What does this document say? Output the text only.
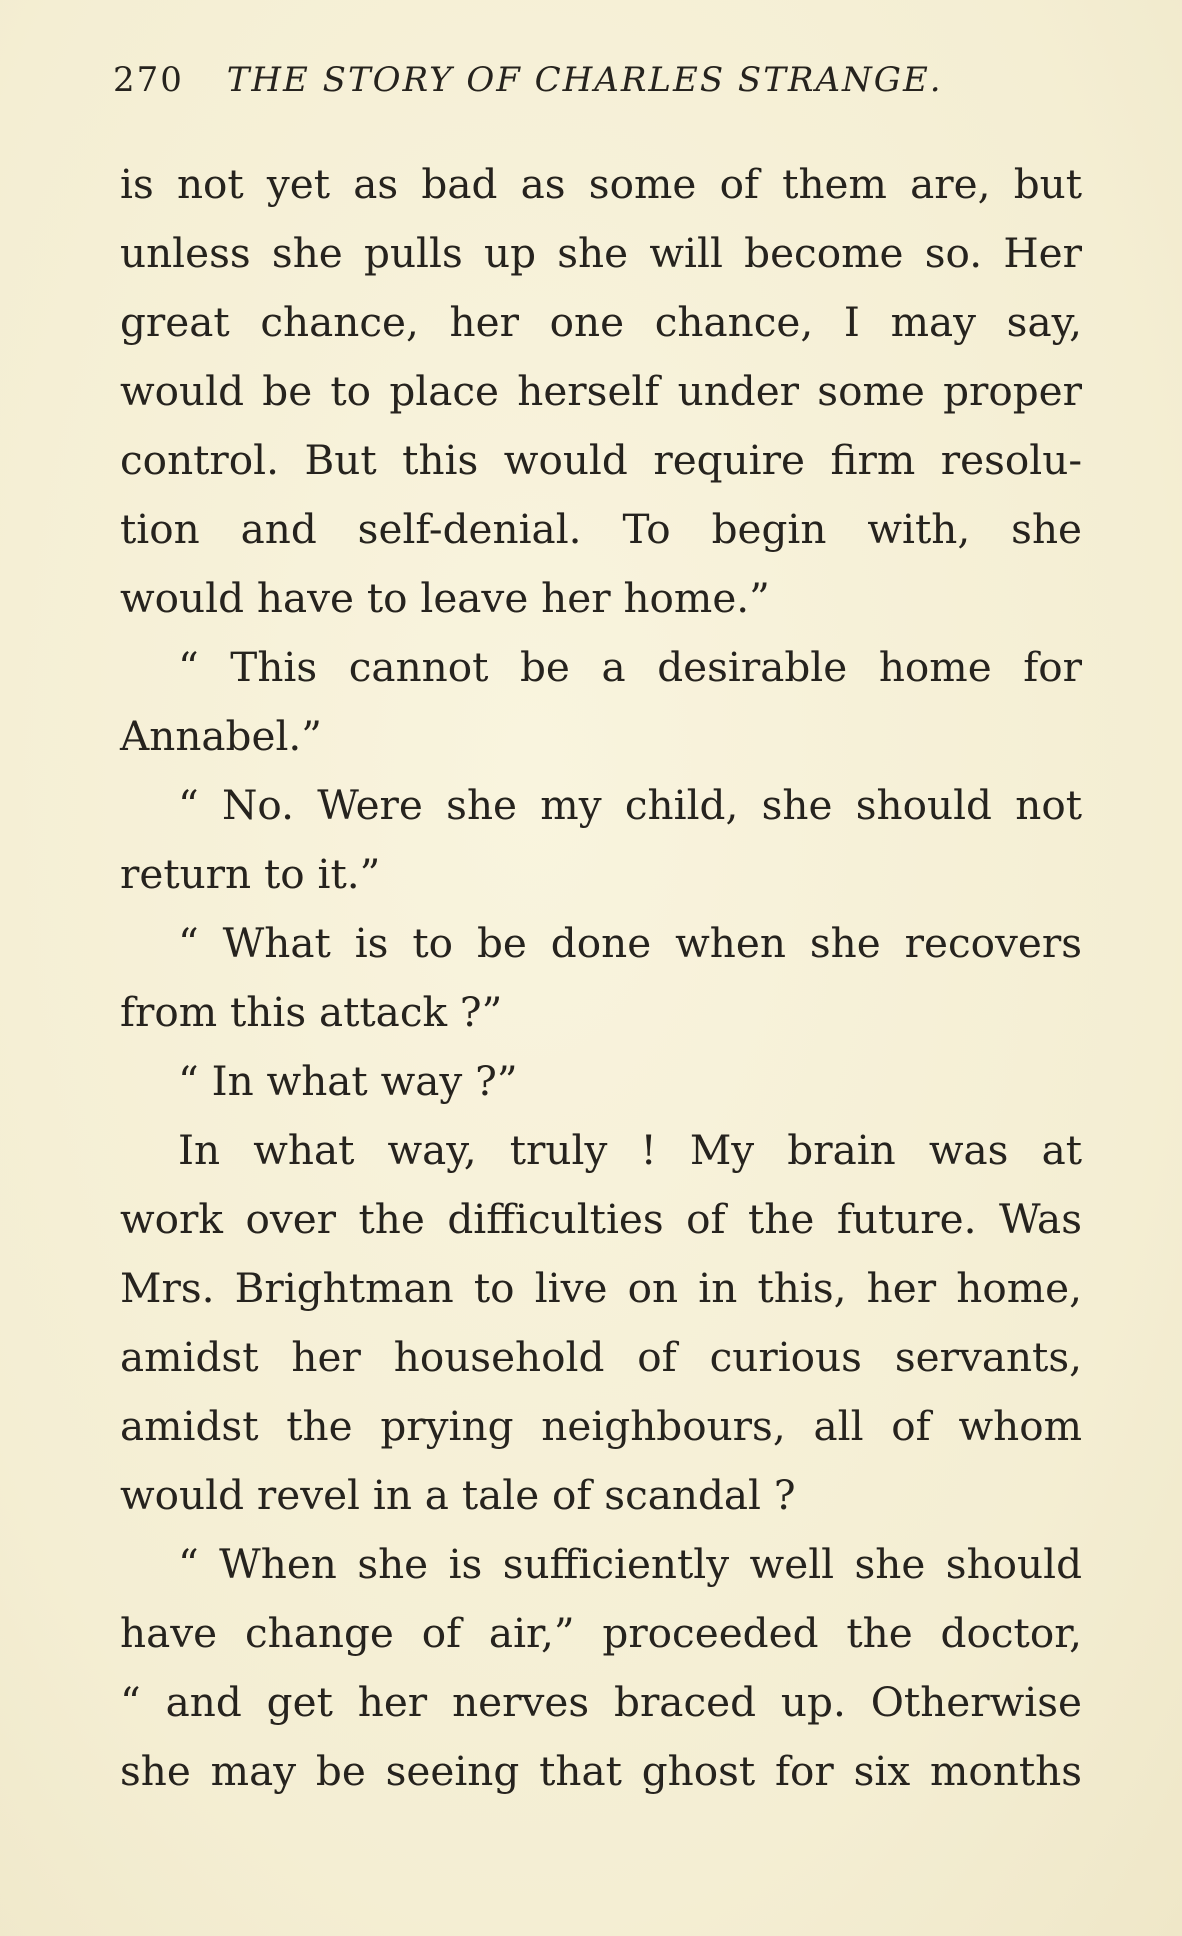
270 THE STORY OF CHARLES STRANGE.
is not yet as bad as some of them are, but
unless she pulls up she will become so. Her
great chance, her one chance, I may say,
would be to place herself under some proper
control. But this would require firm resolu-
tion and self-denial. To begin with, she
would have to leave her home.”
“ This cannot be a desirable home for
Annabel.”
“ No. Were she my child, she should not
return to it.”
“ What is to be done when she recovers
from this attack ?”
“ In what way ?”
In what way, truly ! My brain was at
work over the difficulties of the future. Was
Mrs. Brightman to live on in this, her home,
amidst her household of curious servants,
amidst the prying neighbours, all of whom
would revel in a tale of scandal ?
“ When she is sufficiently well she should
have change of air,” proceeded the doctor,
“ and get her nerves braced up. Otherwise
she may be seeing that ghost for six months
